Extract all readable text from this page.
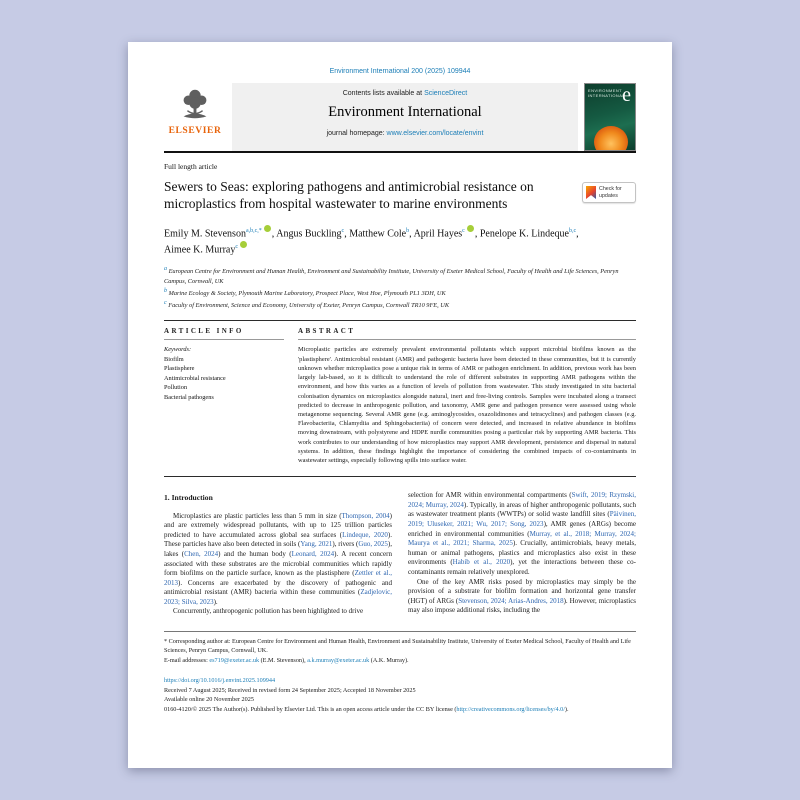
Environment International 200 (2025) 109944
ELSEVIER
Contents lists available at ScienceDirect
Environment International
journal homepage: www.elsevier.com/locate/envint
ENVIRONMENT INTERNATIONAL
e
Full length article
Sewers to Seas: exploring pathogens and antimicrobial resistance on microplastics from hospital wastewater to marine environments
Check for updates
Emily M. Stevenson$^{a,b,c,*}$ , Angus Buckling$^c$, Matthew Cole$^b$, April Hayes$^c$ , Penelope K. Lindeque$^{b,c}$, Aimee K. Murray$^c$
a European Centre for Environment and Human Health, Environment and Sustainability Institute, University of Exeter Medical School, Faculty of Health and Life Sciences, Penryn Campus, Cornwall, UK
b Marine Ecology & Society, Plymouth Marine Laboratory, Prospect Place, West Hoe, Plymouth PL1 3DH, UK
c Faculty of Environment, Science and Economy, University of Exeter, Penryn Campus, Cornwall TR10 9FE, UK
ARTICLE INFO
Keywords:
Biofilm
Plastisphere
Antimicrobial resistance
Pollution
Bacterial pathogens
ABSTRACT

Microplastic particles are extremely prevalent environmental pollutants which support microbial biofilms known as the 'plastisphere'. Antimicrobial resistant (AMR) and pathogenic bacteria have been detected in these communities, but it is currently unknown whether microplastics pose a unique risk in terms of AMR or pathogen enrichment. In addition, previous work has been largely lab-based, so it is difficult to understand the role of different substrates in supporting AMR pathogens within the environment, and how this varies as a function of levels of pollution from wastewater. This study investigated in situ bacterial colonisation dynamics on microplastics alongside natural, inert and free-living controls. Samples were incubated along a transect predicted to decrease in anthropogenic pollution, and taxonomy, AMR gene and pathogen presence were assessed using whole metagenome sequencing. Several AMR gene (e.g. aminoglycosides, oxazolidinones and tetracyclines) and pathogen classes (e.g. Flavobacteriia, Chlamydiia and Sphingobacteriia) of concern were detected, and increased in relative abundance in biofilms moving downstream, with polystyrene and HDPE nurdle communities posing a particular risk by supporting AMR bacteria. This work contributes to our understanding of how microplastics may support AMR development, persistence and dispersal in natural systems. In addition, these findings highlight the importance of considering the combined impacts of co-contaminants in wastewater settings, especially following spills into surface water.

1. Introduction

Microplastics are plastic particles less than 5 mm in size (Thompson, 2004) and are extremely widespread pollutants, with up to 125 trillion particles predicted to have accumulated across global sea surfaces (Lindeque, 2020). These particles have also been detected in soils (Yang, 2021), rivers (Guo, 2025), lakes (Chen, 2024) and the human body (Leonard, 2024). A recent concern associated with these substrates are the microbial communities which rapidly form biofilms on the particle surface, known as the plastisphere (Zettler et al., 2013). Concerns are exacerbated by the discovery of pathogenic and antimicrobial resistant (AMR) bacteria within these communities (Zadjelovic, 2023; Silva, 2023).

Concurrently, anthropogenic pollution has been highlighted to drive

selection for AMR within environmental compartments (Swift, 2019; Rzymski, 2024; Murray, 2024). Typically, in areas of higher anthropogenic pollutants, such as wastewater treatment plants (WWTPs) or solid waste landfill sites (Päivinen, 2019; Uluseker, 2021; Wu, 2017; Song, 2023), AMR genes (ARGs) become enriched in environmental communities (Murray, et al., 2018; Murray, 2024; Maurya et al., 2021; Sharma, 2025). Crucially, antimicrobials, heavy metals, human or animal pathogens, plastics and microplastics also exist in these environments (Habib et al., 2020), yet the interactions between these co-contaminants remain relatively unexplored.

One of the key AMR risks posed by microplastics may simply be the provision of a substrate for biofilm formation and horizontal gene transfer (HGT) of ARGs (Stevenson, 2024; Arias-Andres, 2018). However, microplastics may also impose additional risks, including the

* Corresponding author at: European Centre for Environment and Human Health, Environment and Sustainability Institute, University of Exeter Medical School, Faculty of Health and Life Sciences, Penryn Campus, Cornwall, UK.

E-mail addresses: es719@exeter.ac.uk (E.M. Stevenson), a.k.murray@exeter.ac.uk (A.K. Murray).

https://doi.org/10.1016/j.envint.2025.109944

Received 7 August 2025; Received in revised form 24 September 2025; Accepted 18 November 2025

Available online 20 November 2025

0160-4120/© 2025 The Author(s). Published by Elsevier Ltd. This is an open access article under the CC BY license (http://creativecommons.org/licenses/by/4.0/).
